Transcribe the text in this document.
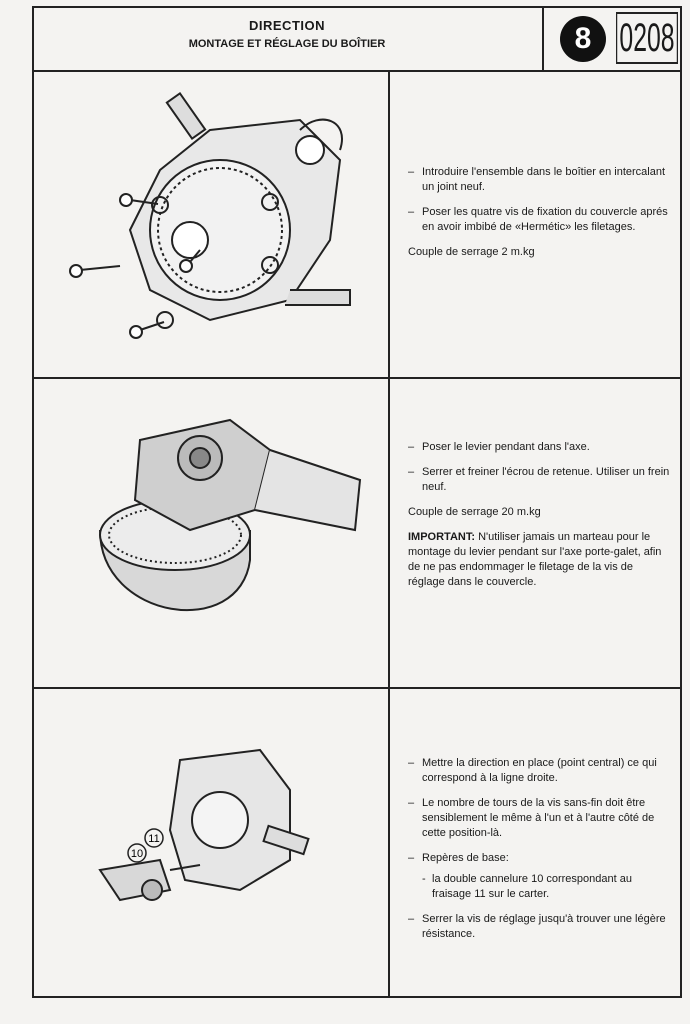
DIRECTION
MONTAGE ET RÉGLAGE DU BOÎTIER	8 0208
– Introduire l'ensemble dans le boîtier en intercalant un joint neuf.
– Poser les quatre vis de fixation du couvercle aprés en avoir imbibé de «Hermétic» les filetages.
Couple de serrage 2 m.kg
– Poser le levier pendant dans l'axe.
– Serrer et freiner l'écrou de retenue. Utiliser un frein neuf.
Couple de serrage 20 m.kg
IMPORTANT: N'utiliser jamais un marteau pour le montage du levier pendant sur l'axe porte-galet, afin de ne pas endommager le filetage de la vis de réglage dans le couvercle.
11
10
– Mettre la direction en place (point central) ce qui correspond à la ligne droite.
– Le nombre de tours de la vis sans-fin doit être sensiblement le même à l'un et à l'autre côté de cette position-là.
– Repères de base:
- la double cannelure 10 correspondant au fraisage 11 sur le carter.
– Serrer la vis de réglage jusqu'à trouver une légère résistance.
